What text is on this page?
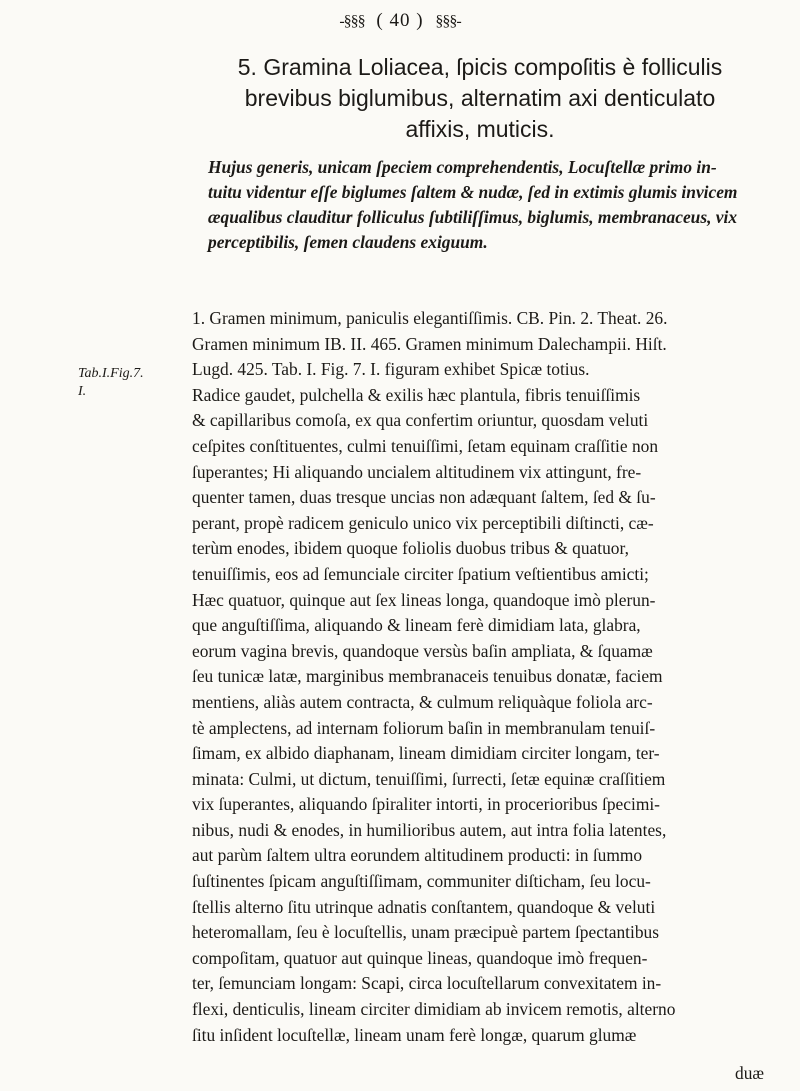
-§§§ ( 40 ) §§§-
5. Gramina Loliacea, ſpicis compoſitis è folliculis
brevibus biglumibus, alternatim axi denticulato
affixis, muticis.
Hujus generis, unicam ſpeciem comprehendentis, Locuſtellæ primo in-
tuitu videntur eſſe biglumes ſaltem & nudæ, ſed in extimis glumis invicem
æqualibus clauditur folliculus ſubtiliſſimus, biglumis, membranaceus, vix
perceptibilis, ſemen claudens exiguum.
Tab.I.Fig.7.
I.
1. Gramen minimum, paniculis elegantiſſimis. CB. Pin. 2. Theat. 26.
Gramen minimum IB. II. 465. Gramen minimum Dalechampii. Hiſt.
Lugd. 425. Tab. I. Fig. 7. I. figuram exhibet Spicæ totius.
Radice gaudet, pulchella & exilis hæc plantula, fibris tenuiſſimis
& capillaribus comoſa, ex qua confertim oriuntur, quosdam veluti
ceſpites conſtituentes, culmi tenuiſſimi, ſetam equinam craſſitie non
ſuperantes; Hi aliquando uncialem altitudinem vix attingunt, fre-
quenter tamen, duas tresque uncias non adæquant ſaltem, ſed & ſu-
perant, propè radicem geniculo unico vix perceptibili diſtincti, cæ-
terùm enodes, ibidem quoque foliolis duobus tribus & quatuor,
tenuiſſimis, eos ad ſemunciale circiter ſpatium veſtientibus amicti;
Hæc quatuor, quinque aut ſex lineas longa, quandoque imò plerun-
que anguſtiſſima, aliquando & lineam ferè dimidiam lata, glabra,
eorum vagina brevis, quandoque versùs baſin ampliata, & ſquamæ
ſeu tunicæ latæ, marginibus membranaceis tenuibus donatæ, faciem
mentiens, aliàs autem contracta, & culmum reliquàque foliola arc-
tè amplectens, ad internam foliorum baſin in membranulam tenuiſ-
ſimam, ex albido diaphanam, lineam dimidiam circiter longam, ter-
minata: Culmi, ut dictum, tenuiſſimi, ſurrecti, ſetæ equinæ craſſitiem
vix ſuperantes, aliquando ſpiraliter intorti, in procerioribus ſpecimi-
nibus, nudi & enodes, in humilioribus autem, aut intra folia latentes,
aut parùm ſaltem ultra eorundem altitudinem producti: in ſummo
ſuſtinentes ſpicam anguſtiſſimam, communiter diſticham, ſeu locu-
ſtellis alterno ſitu utrinque adnatis conſtantem, quandoque & veluti
heteromallam, ſeu è locuſtellis, unam præcipuè partem ſpectantibus
compoſitam, quatuor aut quinque lineas, quandoque imò frequen-
ter, ſemunciam longam: Scapi, circa locuſtellarum convexitatem in-
flexi, denticulis, lineam circiter dimidiam ab invicem remotis, alterno
ſitu inſident locuſtellæ, lineam unam ferè longæ, quarum glumæ
duæ
